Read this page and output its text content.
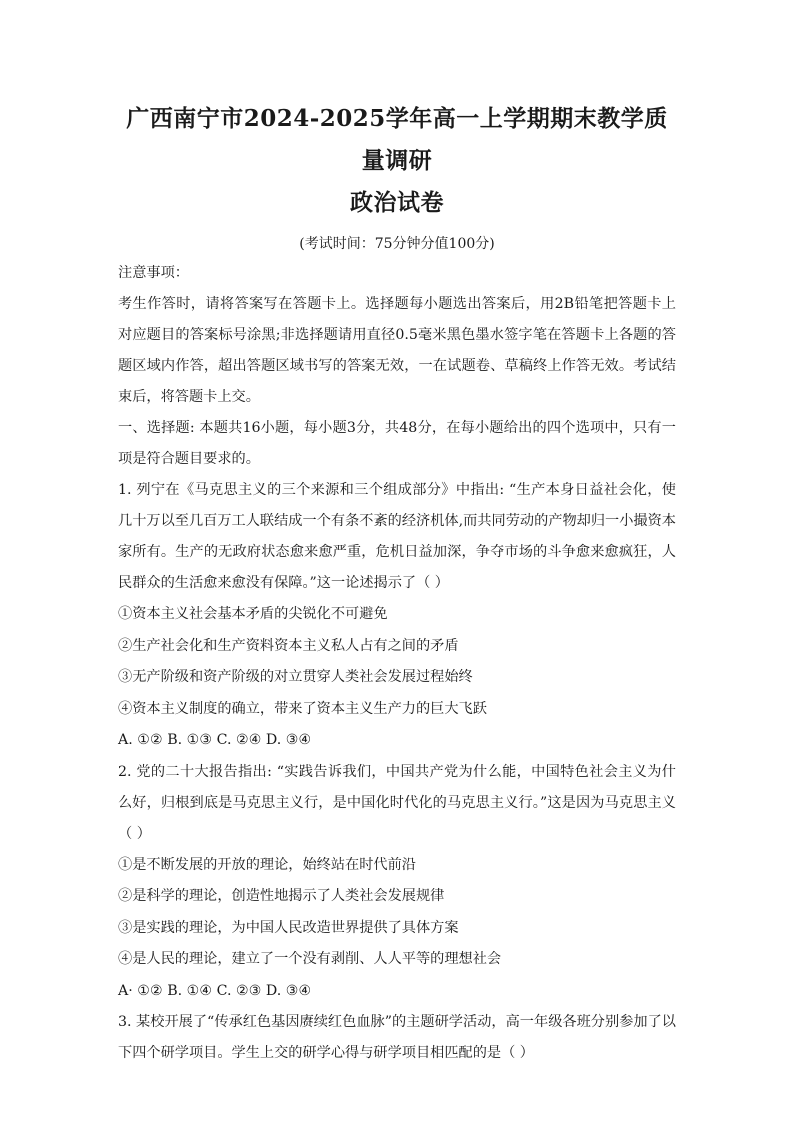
广西南宁市2024-2025学年高一上学期期末教学质量调研
政治试卷
(考试时间：75分钟分值100分)

注意事项：

考生作答时，请将答案写在答题卡上。选择题每小题选出答案后，用2B铅笔把答题卡上对应题目的答案标号涂黑;非选择题请用直径0.5毫米黑色墨水签字笔在答题卡上各题的答题区域内作答，超出答题区域书写的答案无效，一在试题卷、草稿终上作答无效。考试结束后，将答题卡上交。

一、选择题: 本题共16小题，每小题3分，共48分，在每小题给出的四个选项中，只有一项是符合题目要求的。

1. 列宁在《马克思主义的三个来源和三个组成部分》中指出: “生产本身日益社会化，使几十万以至几百万工人联结成一个有条不紊的经济机体,而共同劳动的产物却归一小撮资本家所有。生产的无政府状态愈来愈严重，危机日益加深，争夺市场的斗争愈来愈疯狂，人民群众的生活愈来愈没有保障。”这一论述揭示了（ ）

①资本主义社会基本矛盾的尖锐化不可避免

②生产社会化和生产资料资本主义私人占有之间的矛盾

③无产阶级和资产阶级的对立贯穿人类社会发展过程始终

④资本主义制度的确立，带来了资本主义生产力的巨大飞跃

A. ①② B. ①③ C. ②④ D. ③④

2. 党的二十大报告指出: “实践告诉我们，中国共产党为什么能，中国特色社会主义为什么好，归根到底是马克思主义行，是中国化时代化的马克思主义行。”这是因为马克思主义（ ）

①是不断发展的开放的理论，始终站在时代前沿

②是科学的理论，创造性地揭示了人类社会发展规律

③是实践的理论，为中国人民改造世界提供了具体方案

④是人民的理论，建立了一个没有剥削、人人平等的理想社会

A· ①② B. ①④ C. ②③ D. ③④

3. 某校开展了“传承红色基因赓续红色血脉”的主题研学活动，高一年级各班分别参加了以下四个研学项目。学生上交的研学心得与研学项目相匹配的是（ ）
